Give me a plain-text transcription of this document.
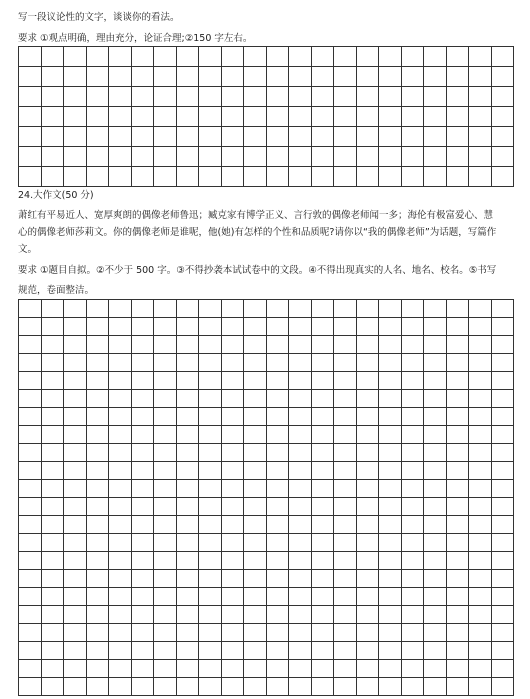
写一段议论性的文字，谈谈你的看法。
要求 ①观点明确，理由充分，论证合理;②150 字左右。
24.大作文(50 分)
萧红有平易近人、宽厚爽朗的偶像老师鲁迅；臧克家有博学正义、言行敦的偶像老师闻一多；海伦有极富爱心、慧
心的偶像老师莎莉文。你的偶像老师是谁呢，他(她)有怎样的个性和品质呢?请你以“我的偶像老师”为话题，写篇作
文。
要求 ①题目自拟。②不少于 500 字。③不得抄袭本试试卷中的文段。④不得出现真实的人名、地名、校名。⑤书写
规范，卷面整洁。
